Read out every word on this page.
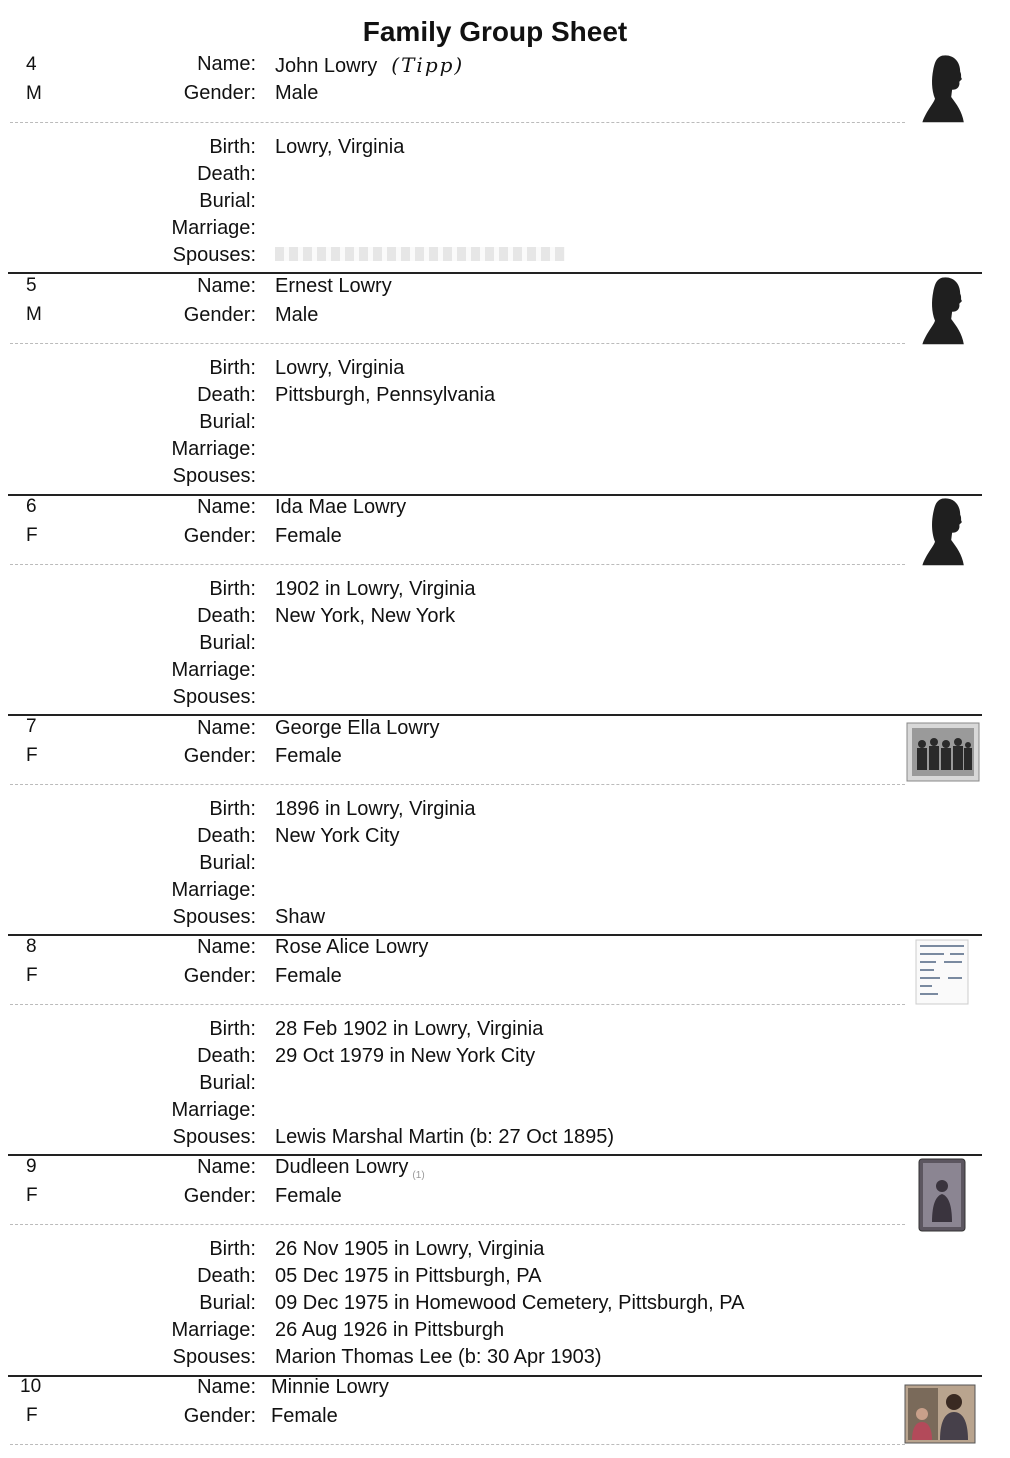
Family Group Sheet
4
M
Name: John Lowry (Tipp)
Gender: Male
Birth: Lowry, Virginia
Death:
Burial:
Marriage:
Spouses:
5
M
Name: Ernest Lowry
Gender: Male
Birth: Lowry, Virginia
Death: Pittsburgh, Pennsylvania
Burial:
Marriage:
Spouses:
6
F
Name: Ida Mae Lowry
Gender: Female
Birth: 1902 in Lowry, Virginia
Death: New York, New York
Burial:
Marriage:
Spouses:
7
F
Name: George Ella Lowry
Gender: Female
Birth: 1896 in Lowry, Virginia
Death: New York City
Burial:
Marriage:
Spouses: Shaw
8
F
Name: Rose Alice Lowry
Gender: Female
Birth: 28 Feb 1902 in Lowry, Virginia
Death: 29 Oct 1979 in New York City
Burial:
Marriage:
Spouses: Lewis Marshal Martin (b: 27 Oct 1895)
9
F
Name: Dudleen Lowry $_{(1)}$
Gender: Female
Birth: 26 Nov 1905 in Lowry, Virginia
Death: 05 Dec 1975 in Pittsburgh, PA
Burial: 09 Dec 1975 in Homewood Cemetery, Pittsburgh, PA
Marriage: 26 Aug 1926 in Pittsburgh
Spouses: Marion Thomas Lee (b: 30 Apr 1903)
10
F
Name: Minnie Lowry
Gender: Female
